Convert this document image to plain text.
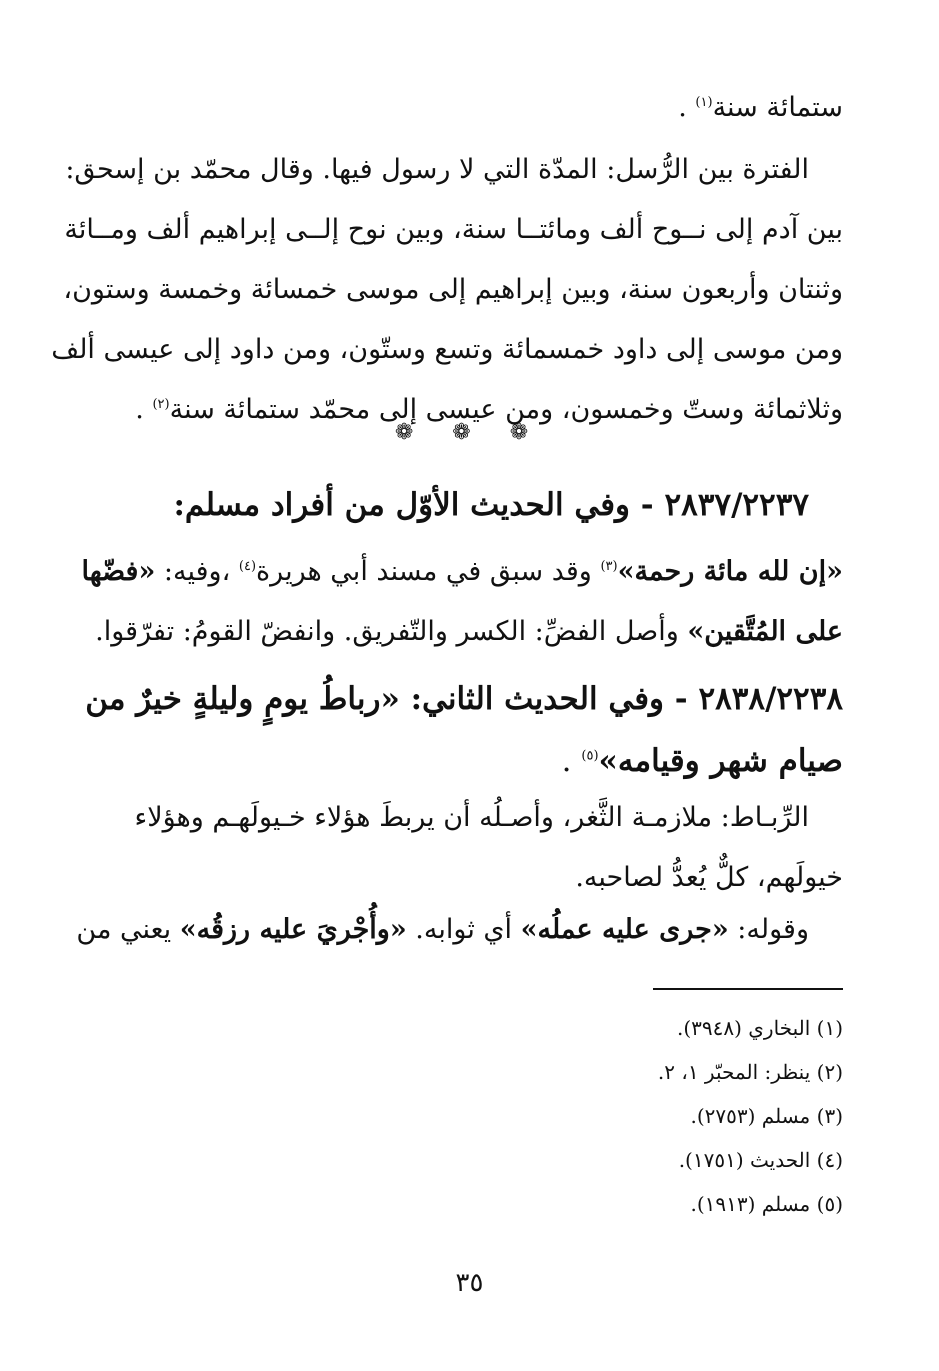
ستمائة سنة$^{(١)}$ .
الفترة بين الرُّسل: المدّة التي لا رسول فيها. وقال محمّد بن إسحق:
بين آدم إلى نــوح ألف ومائتــا سنة، وبين نوح إلــى إبراهيم ألف ومــائة
وثنتان وأربعون سنة، وبين إبراهيم إلى موسى خمسائة وخمسة وستون،
ومن موسى إلى داود خمسمائة وتسع وستّون، ومن داود إلى عيسى ألف
وثلاثمائة وستّ وخمسون، ومن عيسى إلى محمّد ستمائة سنة$^{(٢)}$ .
❁ ❁ ❁
٢٨٣٧/٢٢٣٧ - وفي الحديث الأوّل من أفراد مسلم:
«إن لله مائة رحمة»$^{(٣)}$ وقد سبق في مسند أبي هريرة$^{(٤)}$ ،وفيه: «فضّها
على المُتَّقين» وأصل الفضِّ: الكسر والتّفريق. وانفضّ القومُ: تفرّقوا.
٢٨٣٨/٢٢٣٨ - وفي الحديث الثاني: «رباطُ يومٍ وليلةٍ خيرٌ من
صيام شهر وقيامه»$^{(٥)}$ .
الرِّبـاط: ملازمـة الثَّغر، وأصـلُه أن يربطَ هؤلاء خـيولَهـم وهؤلاء
خيولَهم، كلٌّ يُعدُّ لصاحبه.
وقوله: «جرى عليه عملُه» أي ثوابه. «وأُجْريَ عليه رزقُه» يعني من
(١) البخاري (٣٩٤٨).
(٢) ينظر: المحبّر ١، ٢.
(٣) مسلم (٢٧٥٣).
(٤) الحديث (١٧٥١).
(٥) مسلم (١٩١٣).
٣٥
